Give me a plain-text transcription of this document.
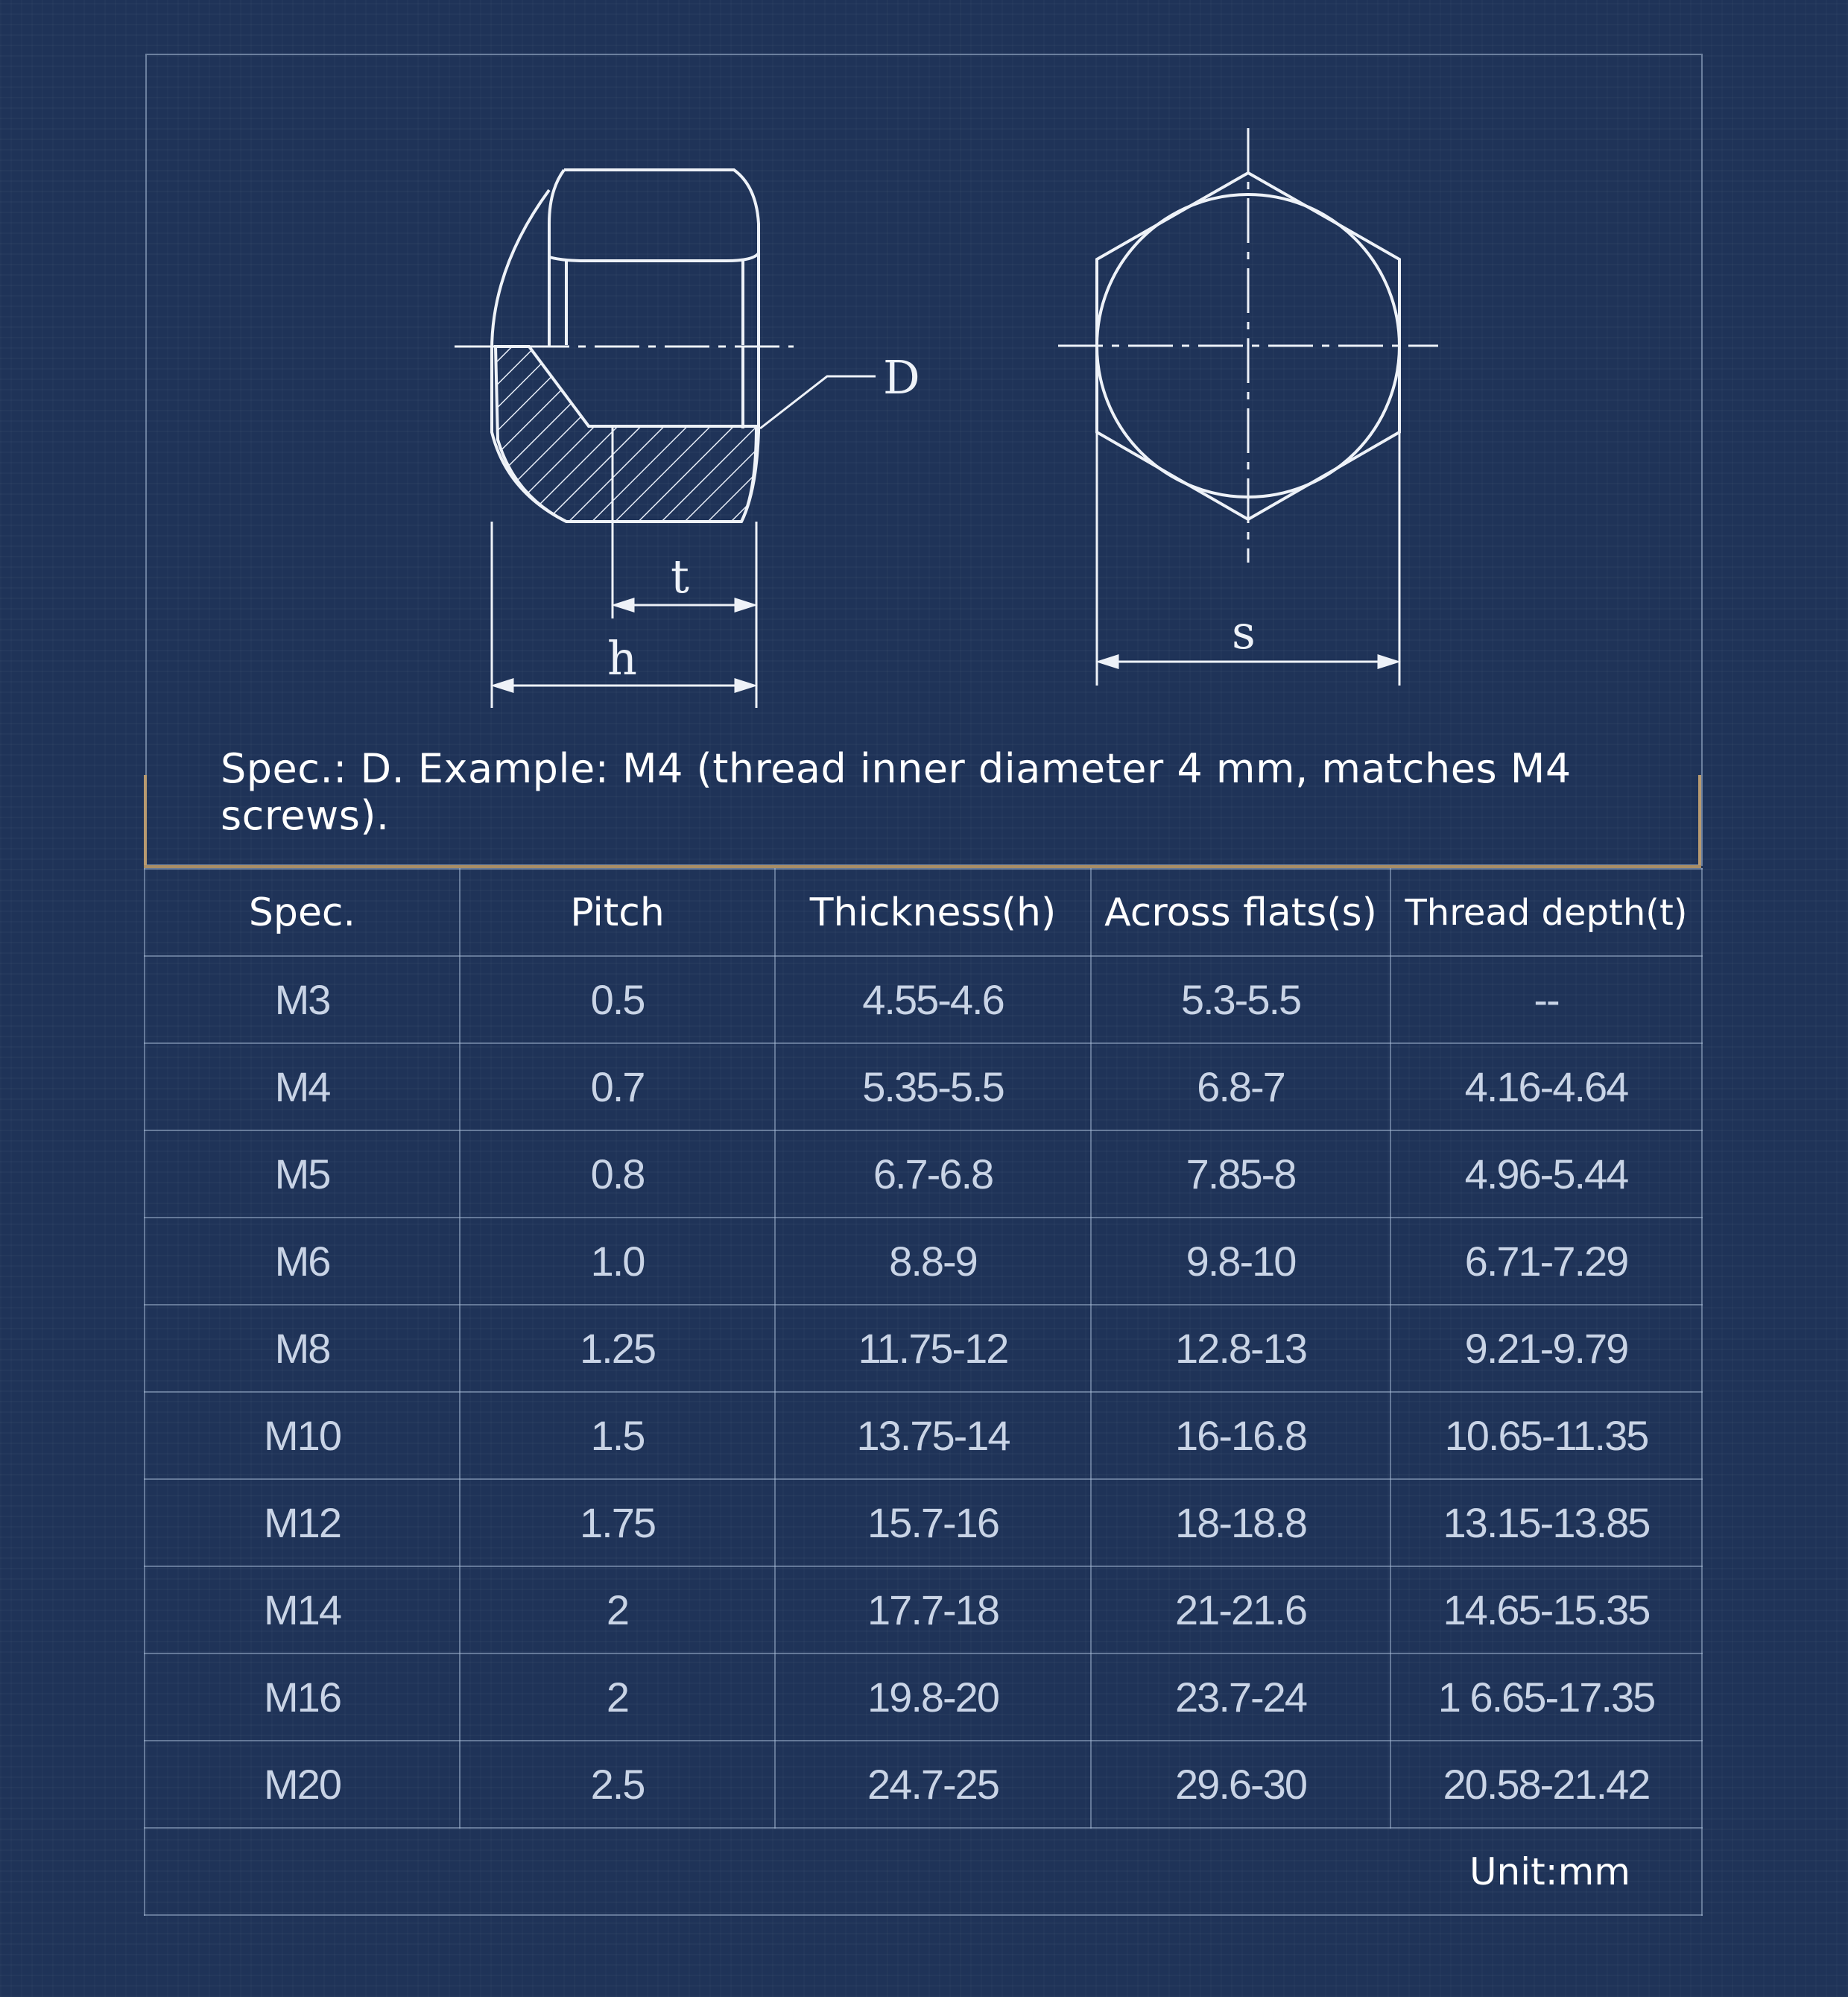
D
t
h	s
Spec.: D. Example: M4 (thread inner diameter 4 mm, matches M4 screws).
Spec.	Pitch	Thickness(h)	Across flats(s)	Thread depth(t)
M3	0.5	4.55-4.6	5.3-5.5	--
M4	0.7	5.35-5.5	6.8-7	4.16-4.64
M5	0.8	6.7-6.8	7.85-8	4.96-5.44
M6	1.0	8.8-9	9.8-10	6.71-7.29
M8	1.25	11.75-12	12.8-13	9.21-9.79
M10	1.5	13.75-14	16-16.8	10.65-11.35
M12	1.75	15.7-16	18-18.8	13.15-13.85
M14	2	17.7-18	21-21.6	14.65-15.35
M16	2	19.8-20	23.7-24	1 6.65-17.35
M20	2.5	24.7-25	29.6-30	20.58-21.42

Unit:mm				
